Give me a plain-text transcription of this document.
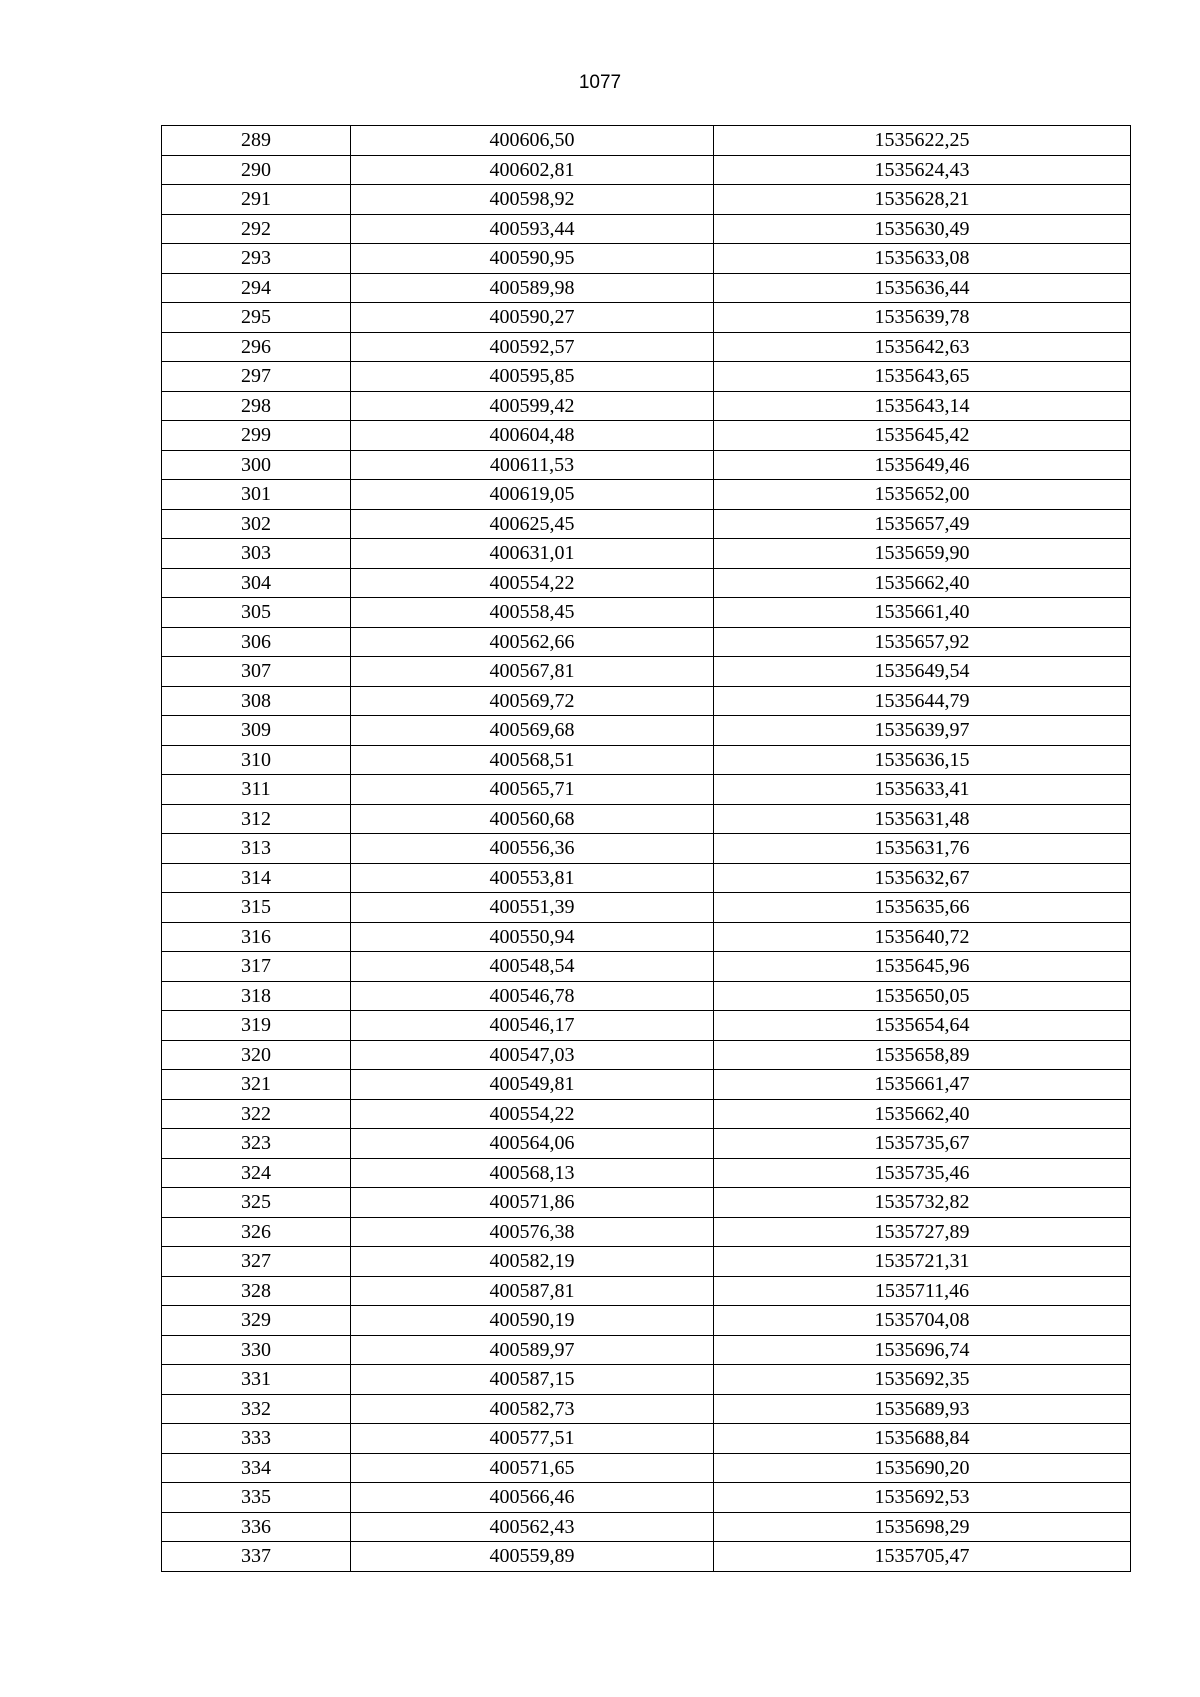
1077
289	400606,50	1535622,25
290	400602,81	1535624,43
291	400598,92	1535628,21
292	400593,44	1535630,49
293	400590,95	1535633,08
294	400589,98	1535636,44
295	400590,27	1535639,78
296	400592,57	1535642,63
297	400595,85	1535643,65
298	400599,42	1535643,14
299	400604,48	1535645,42
300	400611,53	1535649,46
301	400619,05	1535652,00
302	400625,45	1535657,49
303	400631,01	1535659,90
304	400554,22	1535662,40
305	400558,45	1535661,40
306	400562,66	1535657,92
307	400567,81	1535649,54
308	400569,72	1535644,79
309	400569,68	1535639,97
310	400568,51	1535636,15
311	400565,71	1535633,41
312	400560,68	1535631,48
313	400556,36	1535631,76
314	400553,81	1535632,67
315	400551,39	1535635,66
316	400550,94	1535640,72
317	400548,54	1535645,96
318	400546,78	1535650,05
319	400546,17	1535654,64
320	400547,03	1535658,89
321	400549,81	1535661,47
322	400554,22	1535662,40
323	400564,06	1535735,67
324	400568,13	1535735,46
325	400571,86	1535732,82
326	400576,38	1535727,89
327	400582,19	1535721,31
328	400587,81	1535711,46
329	400590,19	1535704,08
330	400589,97	1535696,74
331	400587,15	1535692,35
332	400582,73	1535689,93
333	400577,51	1535688,84
334	400571,65	1535690,20
335	400566,46	1535692,53
336	400562,43	1535698,29
337	400559,89	1535705,47
